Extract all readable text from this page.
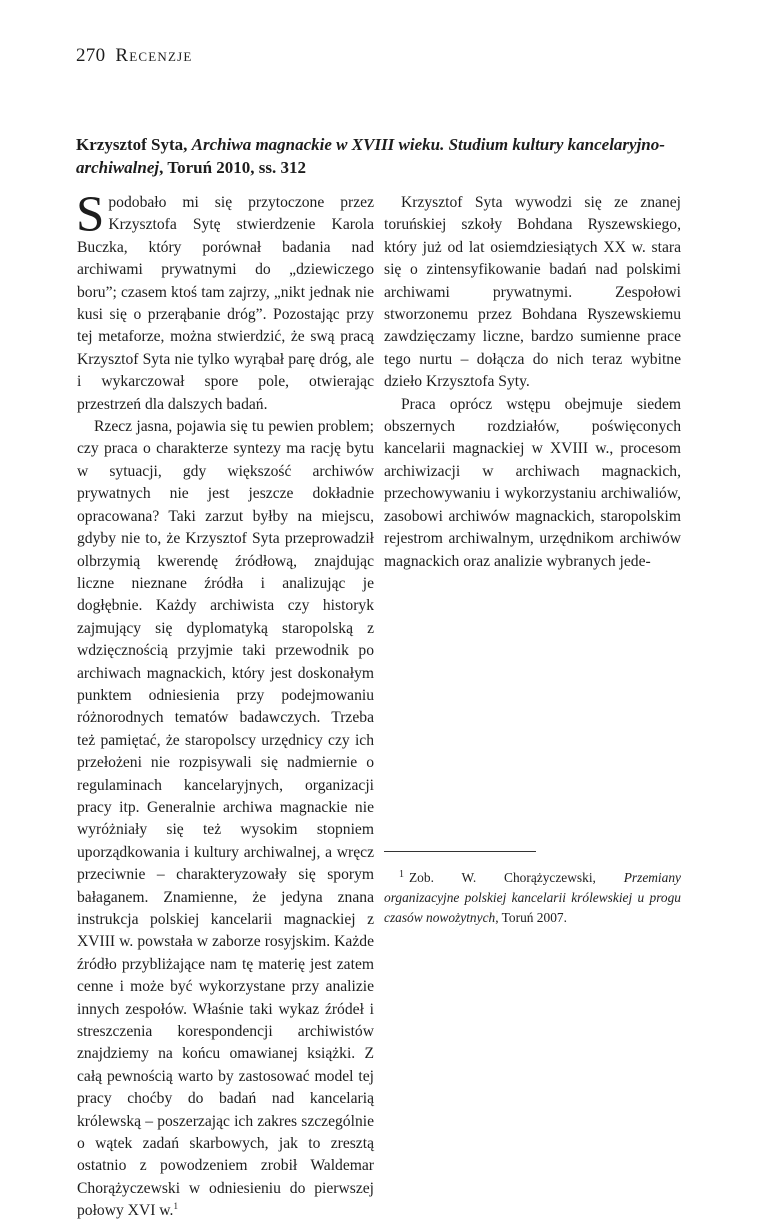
270 Recenzje
Krzysztof Syta, Archiwa magnackie w XVIII wieku. Studium kultury kancelaryjno-archiwalnej, Toruń 2010, ss. 312

Spodobało mi się przytoczone przez Krzysztofa Sytę stwierdzenie Karola Buczka, który porównał badania nad archiwami prywatnymi do „dziewiczego boru”; czasem ktoś tam zajrzy, „nikt jednak nie kusi się o przerąbanie dróg”. Pozostając przy tej metaforze, można stwierdzić, że swą pracą Krzysztof Syta nie tylko wyrąbał parę dróg, ale i wykarczował spore pole, otwierając przestrzeń dla dalszych badań.

Rzecz jasna, pojawia się tu pewien problem; czy praca o charakterze syntezy ma rację bytu w sytuacji, gdy większość archiwów prywatnych nie jest jeszcze dokładnie opracowana? Taki zarzut byłby na miejscu, gdyby nie to, że Krzysztof Syta przeprowadził olbrzymią kwerendę źródłową, znajdując liczne nieznane źródła i analizując je dogłębnie. Każdy archiwista czy historyk zajmujący się dyplomatyką staropolską z wdzięcznością przyjmie taki przewodnik po archiwach magnackich, który jest doskonałym punktem odniesienia przy podejmowaniu różnorodnych tematów badawczych. Trzeba też pamiętać, że staropolscy urzędnicy czy ich przełożeni nie rozpisywali się nadmiernie o regulaminach kancelaryjnych, organizacji pracy itp. Generalnie archiwa magnackie nie wyróżniały się też wysokim stopniem uporządkowania i kultury archiwalnej, a wręcz przeciwnie – charakteryzowały się sporym bałaganem. Znamienne, że jedyna znana instrukcja polskiej kancelarii magnackiej z XVIII w. powstała w zaborze rosyjskim. Każde źródło przybliżające nam tę materię jest zatem cenne i może być wykorzystane przy analizie innych zespołów. Właśnie taki wykaz źródeł i streszczenia korespondencji archiwistów znajdziemy na końcu omawianej książki. Z całą pewnością warto by zastosować model tej pracy choćby do badań nad kancelarią królewską – poszerzając ich zakres szczególnie o wątek zadań skarbowych, jak to zresztą ostatnio z powodzeniem zrobił Waldemar Chorążyczewski w odniesieniu do pierwszej połowy XVI w.$^1$

Krzysztof Syta wywodzi się ze znanej toruńskiej szkoły Bohdana Ryszewskiego, który już od lat osiemdziesiątych XX w. stara się o zintensyfikowanie badań nad polskimi archiwami prywatnymi. Zespołowi stworzonemu przez Bohdana Ryszewskiemu zawdzięczamy liczne, bardzo sumienne prace tego nurtu – dołącza do nich teraz wybitne dzieło Krzysztofa Syty.

Praca oprócz wstępu obejmuje siedem obszernych rozdziałów, poświęconych kancelarii magnackiej w XVIII w., procesom archiwizacji w archiwach magnackich, przechowywaniu i wykorzystaniu archiwaliów, zasobowi archiwów magnackich, staropolskim rejestrom archiwalnym, urzędnikom archiwów magnackich oraz analizie wybranych jede-

$^1$ Zob. W. Chorążyczewski, Przemiany organizacyjne polskiej kancelarii królewskiej u progu czasów nowożytnych, Toruń 2007.
